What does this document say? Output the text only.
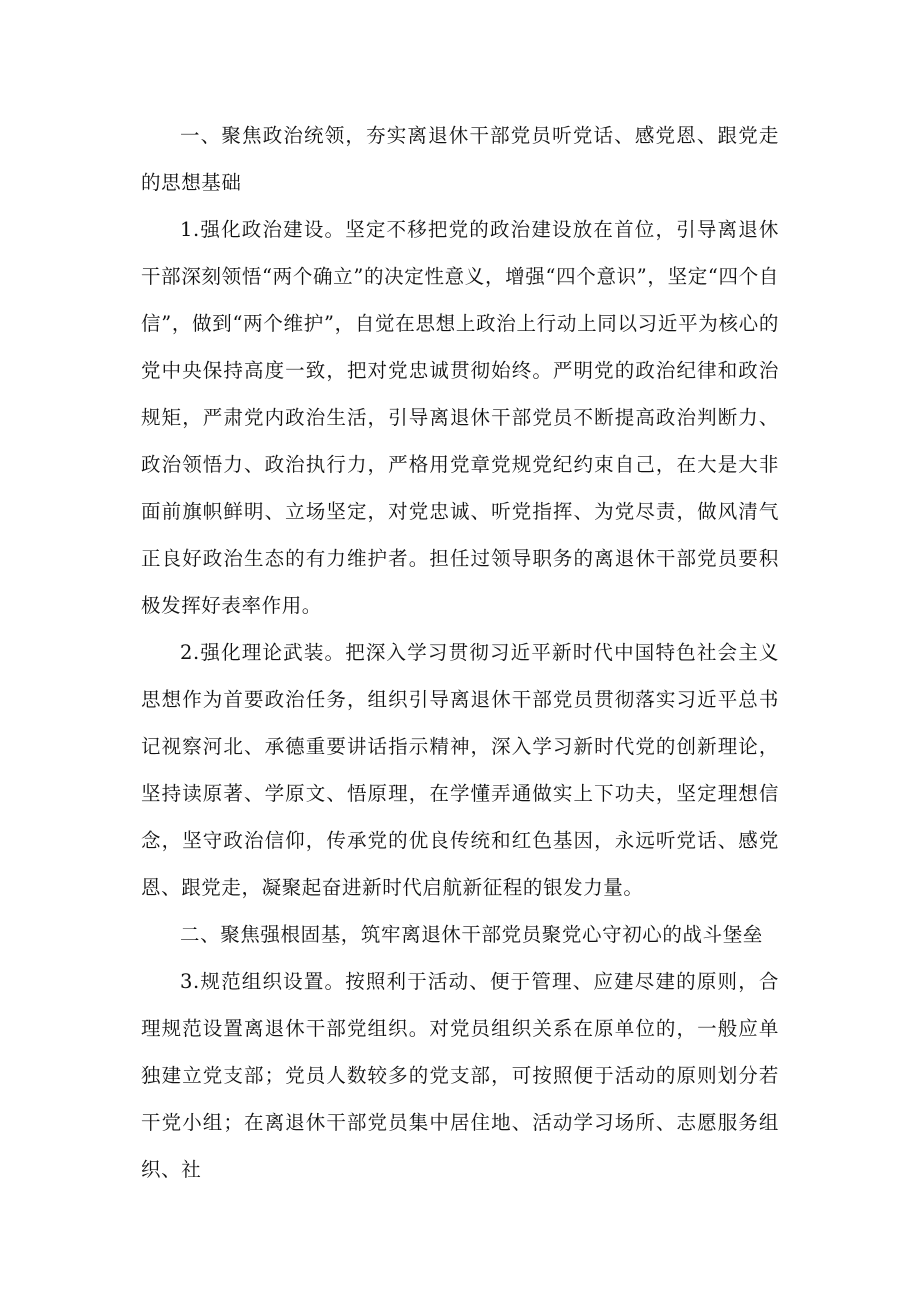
一、聚焦政治统领，夯实离退休干部党员听党话、感党恩、跟党走的思想基础

1.强化政治建设。坚定不移把党的政治建设放在首位，引导离退休干部深刻领悟“两个确立”的决定性意义，增强“四个意识”，坚定“四个自信”，做到“两个维护”，自觉在思想上政治上行动上同以习近平为核心的党中央保持高度一致，把对党忠诚贯彻始终。严明党的政治纪律和政治规矩，严肃党内政治生活，引导离退休干部党员不断提高政治判断力、政治领悟力、政治执行力，严格用党章党规党纪约束自己，在大是大非面前旗帜鲜明、立场坚定，对党忠诚、听党指挥、为党尽责，做风清气正良好政治生态的有力维护者。担任过领导职务的离退休干部党员要积极发挥好表率作用。

2.强化理论武装。把深入学习贯彻习近平新时代中国特色社会主义思想作为首要政治任务，组织引导离退休干部党员贯彻落实习近平总书记视察河北、承德重要讲话指示精神，深入学习新时代党的创新理论，坚持读原著、学原文、悟原理，在学懂弄通做实上下功夫，坚定理想信念，坚守政治信仰，传承党的优良传统和红色基因，永远听党话、感党恩、跟党走，凝聚起奋进新时代启航新征程的银发力量。

二、聚焦强根固基，筑牢离退休干部党员聚党心守初心的战斗堡垒

3.规范组织设置。按照利于活动、便于管理、应建尽建的原则，合理规范设置离退休干部党组织。对党员组织关系在原单位的，一般应单独建立党支部；党员人数较多的党支部，可按照便于活动的原则划分若干党小组；在离退休干部党员集中居住地、活动学习场所、志愿服务组织、社
